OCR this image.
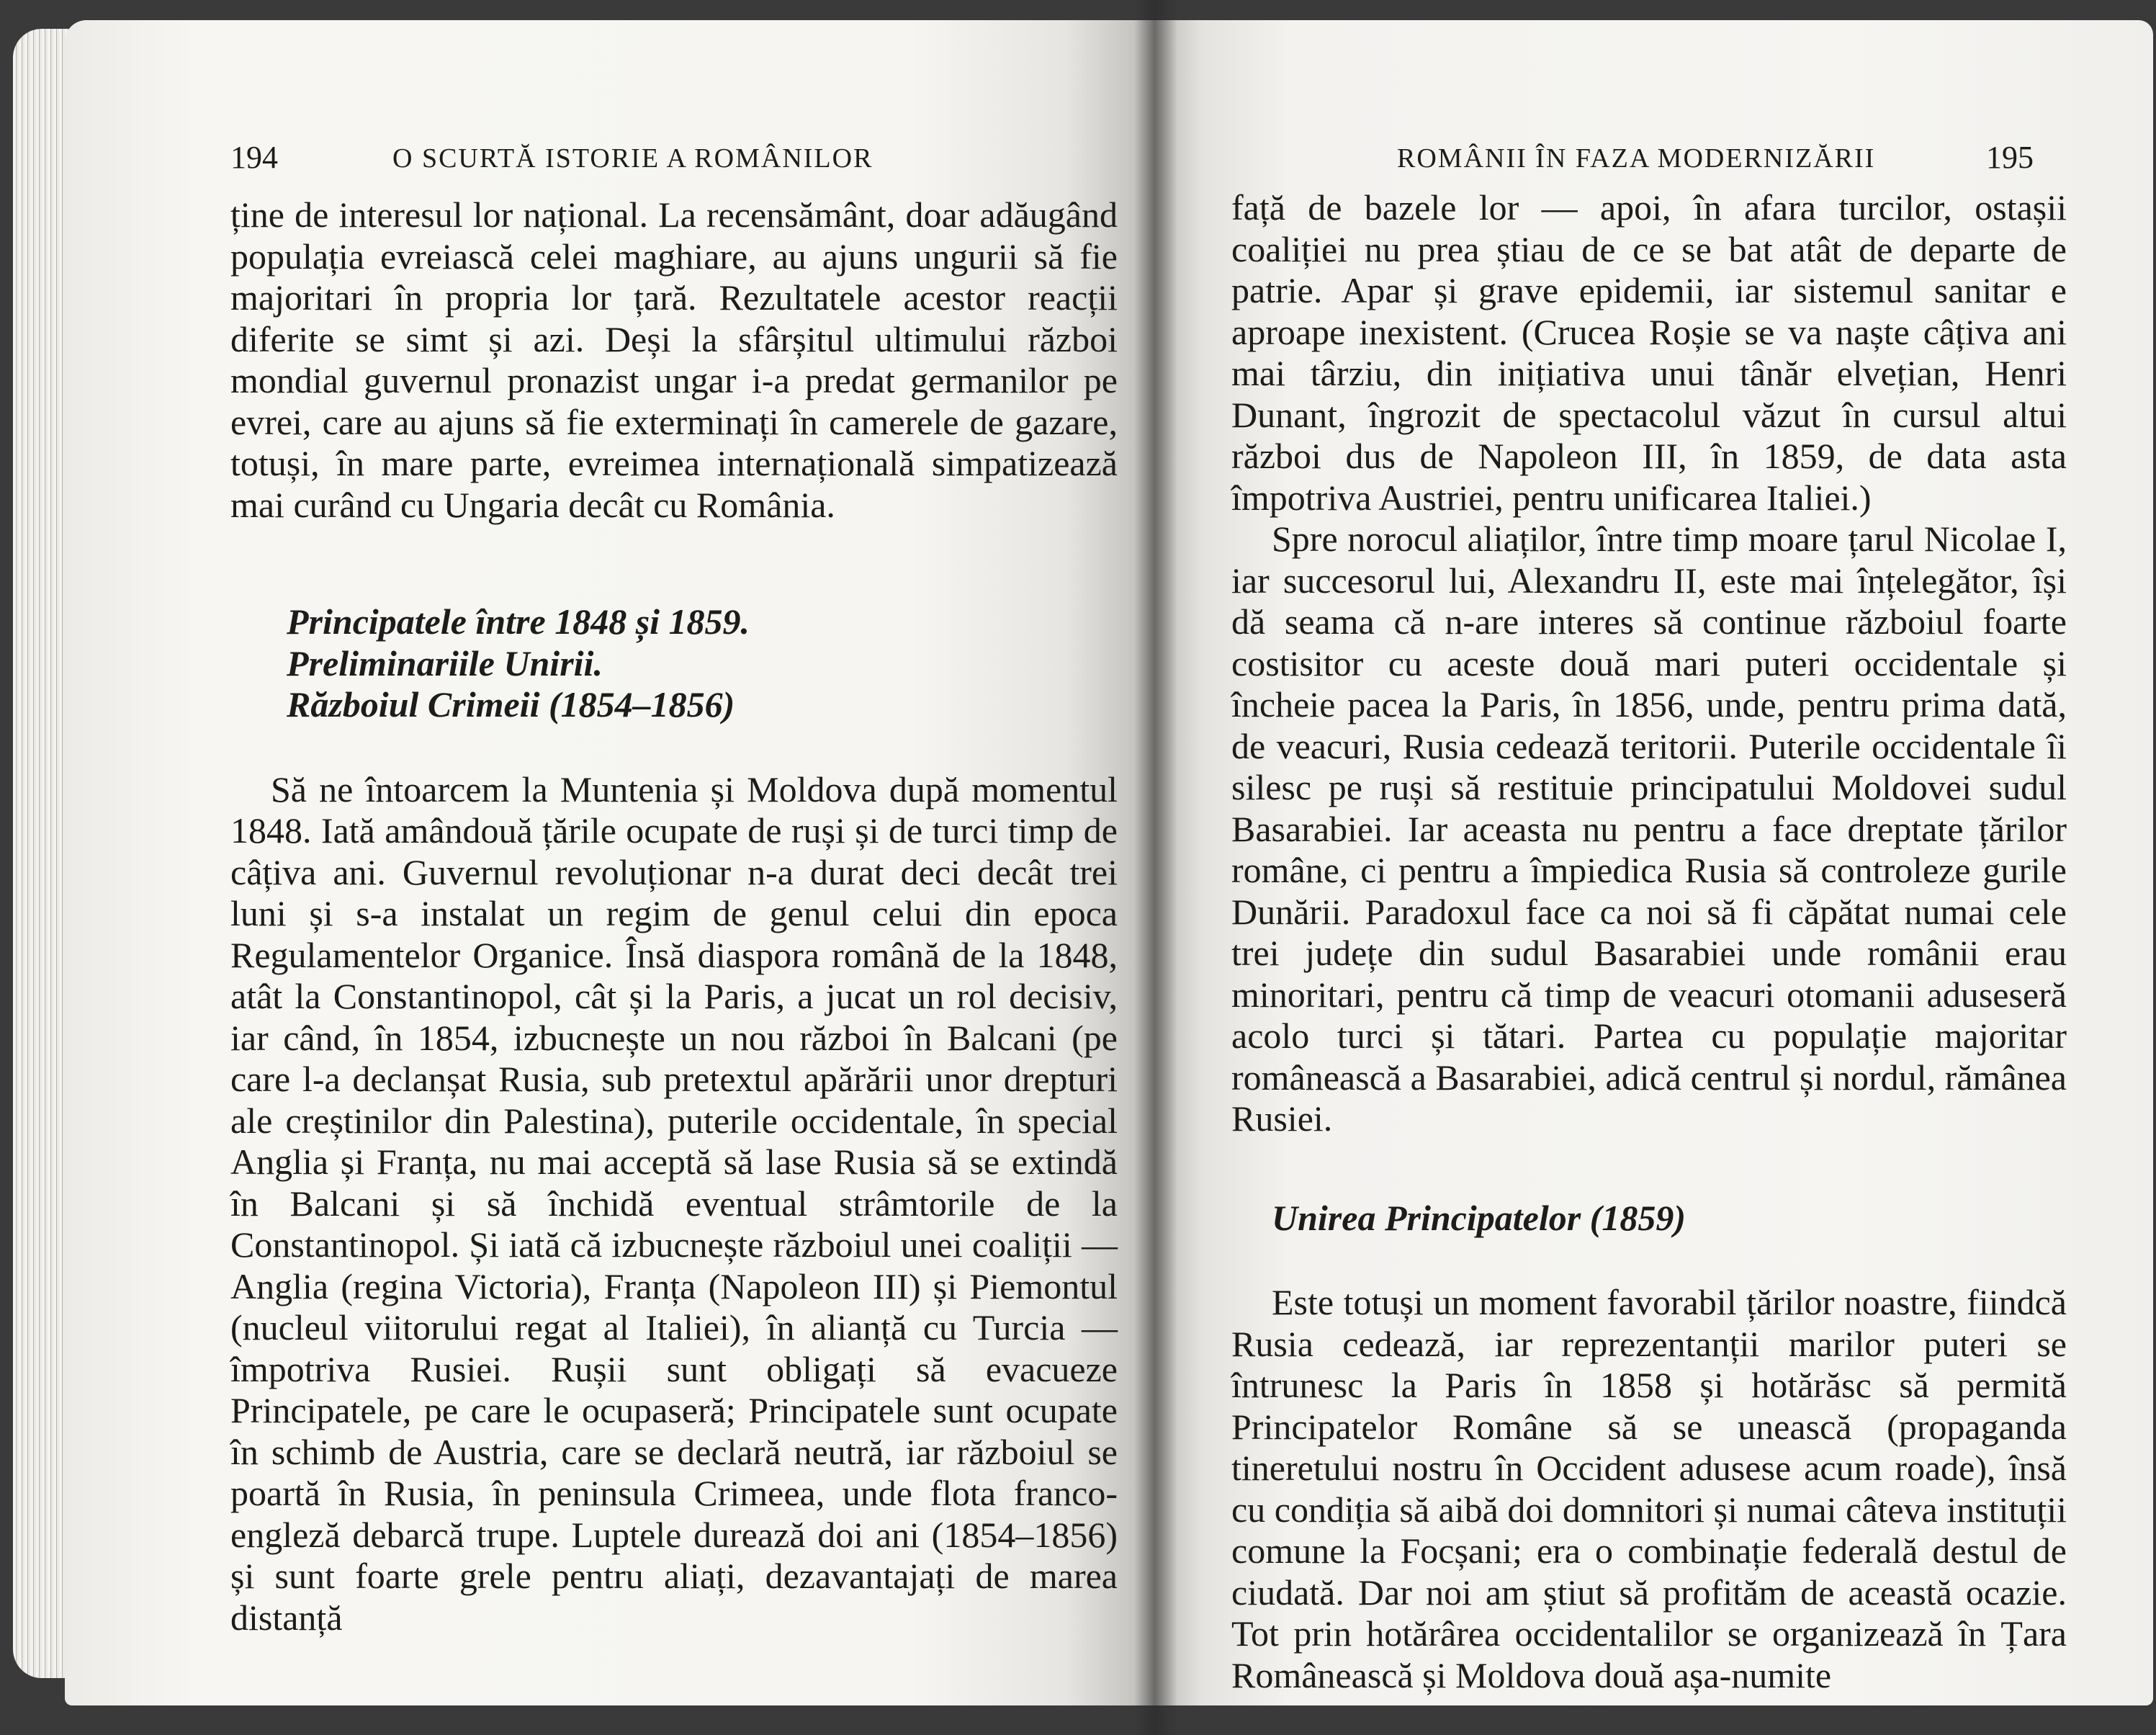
194	O SCURTĂ ISTORIE A ROMÂNILOR

ține de interesul lor național. La recensământ, doar adăugând populația evreiască celei maghiare, au ajuns ungurii să fie majoritari în propria lor țară. Rezultatele acestor reacții diferite se simt și azi. Deși la sfârșitul ultimului război mondial guvernul pronazist ungar i-a predat germanilor pe evrei, care au ajuns să fie exterminați în camerele de gazare, totuși, în mare parte, evreimea internațională simpatizează mai curând cu Ungaria decât cu România.

Principatele între 1848 și 1859.
Preliminariile Unirii.
Războiul Crimeii (1854–1856)

Să ne întoarcem la Muntenia și Moldova după momentul 1848. Iată amândouă țările ocupate de ruși și de turci timp de câțiva ani. Guvernul revoluționar n-a durat deci decât trei luni și s-a instalat un regim de genul celui din epoca Regulamentelor Organice. Însă diaspora română de la 1848, atât la Constantinopol, cât și la Paris, a jucat un rol decisiv, iar când, în 1854, izbucnește un nou război în Balcani (pe care l-a declanșat Rusia, sub pretextul apărării unor drepturi ale creștinilor din Palestina), puterile occidentale, în special Anglia și Franța, nu mai acceptă să lase Rusia să se extindă în Balcani și să închidă eventual strâmtorile de la Constantinopol. Și iată că izbucnește războiul unei coaliții — Anglia (regina Victoria), Franța (Napoleon III) și Piemontul (nucleul viitorului regat al Italiei), în alianță cu Turcia — împotriva Rusiei. Rușii sunt obligați să evacueze Principatele, pe care le ocupaseră; Principatele sunt ocupate în schimb de Austria, care se declară neutră, iar războiul se poartă în Rusia, în peninsula Crimeea, unde flota franco-engleză debarcă trupe. Luptele durează doi ani (1854–1856) și sunt foarte grele pentru aliați, dezavantajați de marea distanță

ROMÂNII ÎN FAZA MODERNIZĂRII	195

față de bazele lor — apoi, în afara turcilor, ostașii coaliției nu prea știau de ce se bat atât de departe de patrie. Apar și grave epidemii, iar sistemul sanitar e aproape inexistent. (Crucea Roșie se va naște câțiva ani mai târziu, din inițiativa unui tânăr elvețian, Henri Dunant, îngrozit de spectacolul văzut în cursul altui război dus de Napoleon III, în 1859, de data asta împotriva Austriei, pentru unificarea Italiei.)

Spre norocul aliaților, între timp moare țarul Nicolae I, iar succesorul lui, Alexandru II, este mai înțelegător, își dă seama că n-are interes să continue războiul foarte costisitor cu aceste două mari puteri occidentale și încheie pacea la Paris, în 1856, unde, pentru prima dată, de veacuri, Rusia cedează teritorii. Puterile occidentale îi silesc pe ruși să restituie principatului Moldovei sudul Basarabiei. Iar aceasta nu pentru a face dreptate țărilor române, ci pentru a împiedica Rusia să controleze gurile Dunării. Paradoxul face ca noi să fi căpătat numai cele trei județe din sudul Basarabiei unde românii erau minoritari, pentru că timp de veacuri otomanii aduseseră acolo turci și tătari. Partea cu populație majoritar românească a Basarabiei, adică centrul și nordul, rămânea Rusiei.

Unirea Principatelor (1859)

Este totuși un moment favorabil țărilor noastre, fiindcă Rusia cedează, iar reprezentanții marilor puteri se întrunesc la Paris în 1858 și hotărăsc să permită Principatelor Române să se unească (propaganda tineretului nostru în Occident adusese acum roade), însă cu condiția să aibă doi domnitori și numai câteva instituții comune la Focșani; era o combinație federală destul de ciudată. Dar noi am știut să profităm de această ocazie. Tot prin hotărârea occidentalilor se organizează în Țara Românească și Moldova două așa-numite
